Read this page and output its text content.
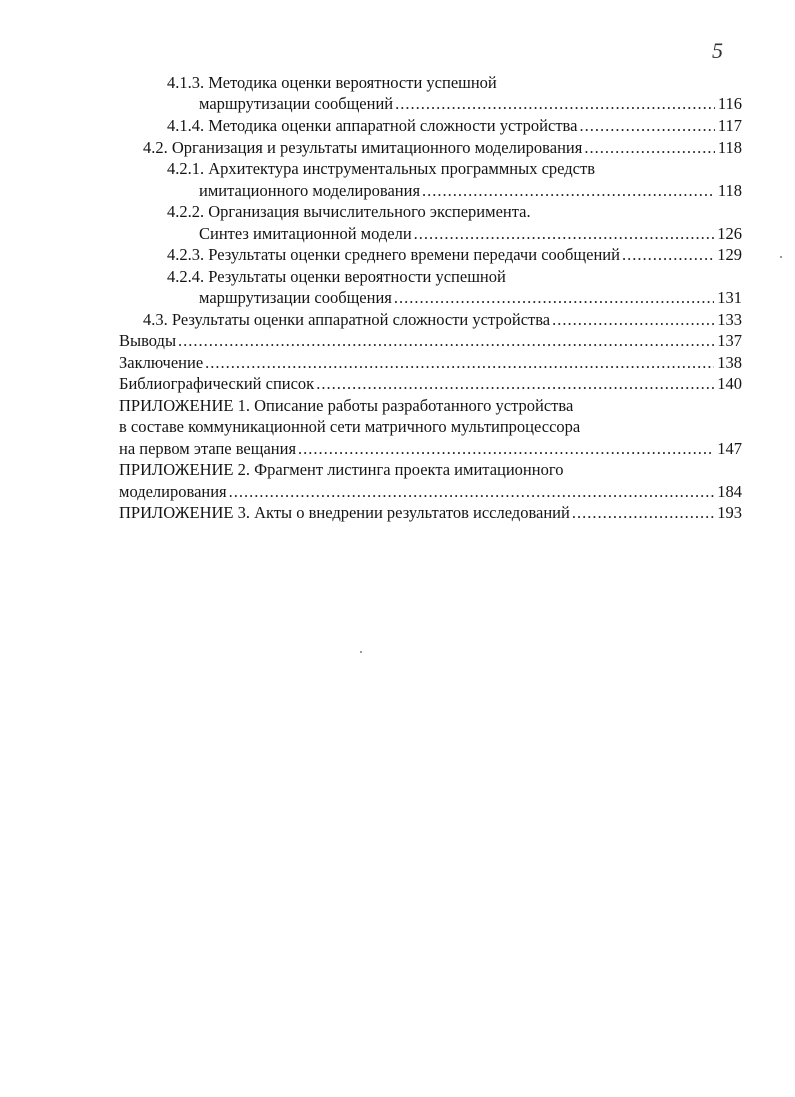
5
4.1.3. Методика оценки вероятности успешной
маршрутизации сообщений .....	116
4.1.4. Методика оценки аппаратной сложности устройства .....	117
4.2. Организация и результаты имитационного моделирования .....	118
4.2.1. Архитектура инструментальных программных средств
имитационного моделирования .....	118
4.2.2. Организация вычислительного эксперимента.
Синтез имитационной модели .....	126
4.2.3. Результаты оценки среднего времени передачи сообщений .....	129
4.2.4. Результаты оценки вероятности успешной
маршрутизации сообщения .....	131
4.3. Результаты оценки аппаратной сложности устройства .....	133
Выводы .....	137
Заключение .....	138
Библиографический список .....	140
ПРИЛОЖЕНИЕ 1. Описание работы разработанного устройства
в составе коммуникационной сети матричного мультипроцессора
на первом этапе вещания .....	147
ПРИЛОЖЕНИЕ 2. Фрагмент листинга проекта имитационного
моделирования .....	184
ПРИЛОЖЕНИЕ 3. Акты о внедрении результатов исследований .....	193
